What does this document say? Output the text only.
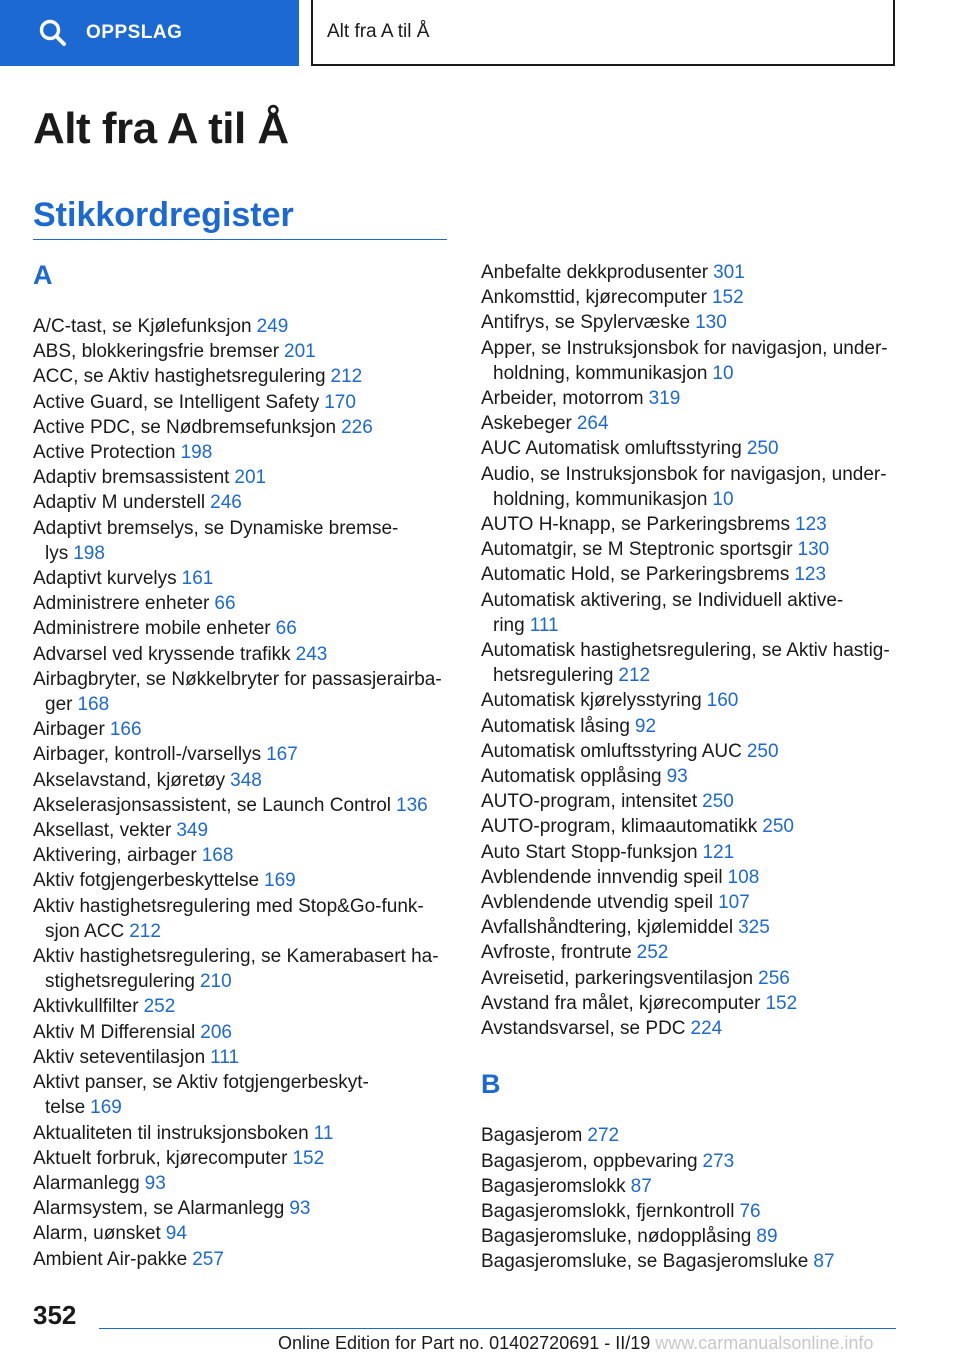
OPPSLAG	Alt fra A til Å
Alt fra A til Å
Stikkordregister
A
A/C-tast, se Kjølefunksjon 249
ABS, blokkeringsfrie bremser 201
ACC, se Aktiv hastighetsregulering 212
Active Guard, se Intelligent Safety 170
Active PDC, se Nødbremsefunksjon 226
Active Protection 198
Adaptiv bremsassistent 201
Adaptiv M understell 246
Adaptivt bremselys, se Dynamiske bremse-
lys 198
Adaptivt kurvelys 161
Administrere enheter 66
Administrere mobile enheter 66
Advarsel ved kryssende trafikk 243
Airbagbryter, se Nøkkelbryter for passasjerairba-
ger 168
Airbager 166
Airbager, kontroll-/varsellys 167
Akselavstand, kjøretøy 348
Akselerasjonsassistent, se Launch Control 136
Aksellast, vekter 349
Aktivering, airbager 168
Aktiv fotgjengerbeskyttelse 169
Aktiv hastighetsregulering med Stop&Go-funk-
sjon ACC 212
Aktiv hastighetsregulering, se Kamerabasert ha-
stighetsregulering 210
Aktivkullfilter 252
Aktiv M Differensial 206
Aktiv seteventilasjon 111
Aktivt panser, se Aktiv fotgjengerbeskyt-
telse 169
Aktualiteten til instruksjonsboken 11
Aktuelt forbruk, kjørecomputer 152
Alarmanlegg 93
Alarmsystem, se Alarmanlegg 93
Alarm, uønsket 94
Ambient Air-pakke 257
Anbefalte dekkprodusenter 301
Ankomsttid, kjørecomputer 152
Antifrys, se Spylervæske 130
Apper, se Instruksjonsbok for navigasjon, under-
holdning, kommunikasjon 10
Arbeider, motorrom 319
Askebeger 264
AUC Automatisk omluftsstyring 250
Audio, se Instruksjonsbok for navigasjon, under-
holdning, kommunikasjon 10
AUTO H-knapp, se Parkeringsbrems 123
Automatgir, se M Steptronic sportsgir 130
Automatic Hold, se Parkeringsbrems 123
Automatisk aktivering, se Individuell aktive-
ring 111
Automatisk hastighetsregulering, se Aktiv hastig-
hetsregulering 212
Automatisk kjørelysstyring 160
Automatisk låsing 92
Automatisk omluftsstyring AUC 250
Automatisk opplåsing 93
AUTO-program, intensitet 250
AUTO-program, klimaautomatikk 250
Auto Start Stopp-funksjon 121
Avblendende innvendig speil 108
Avblendende utvendig speil 107
Avfallshåndtering, kjølemiddel 325
Avfroste, frontrute 252
Avreisetid, parkeringsventilasjon 256
Avstand fra målet, kjørecomputer 152
Avstandsvarsel, se PDC 224
B
Bagasjerom 272
Bagasjerom, oppbevaring 273
Bagasjeromslokk 87
Bagasjeromslokk, fjernkontroll 76
Bagasjeromsluke, nødopplåsing 89
Bagasjeromsluke, se Bagasjeromsluke 87
352
Online Edition for Part no. 01402720691 - II/19 www.carmanualsonline.info
